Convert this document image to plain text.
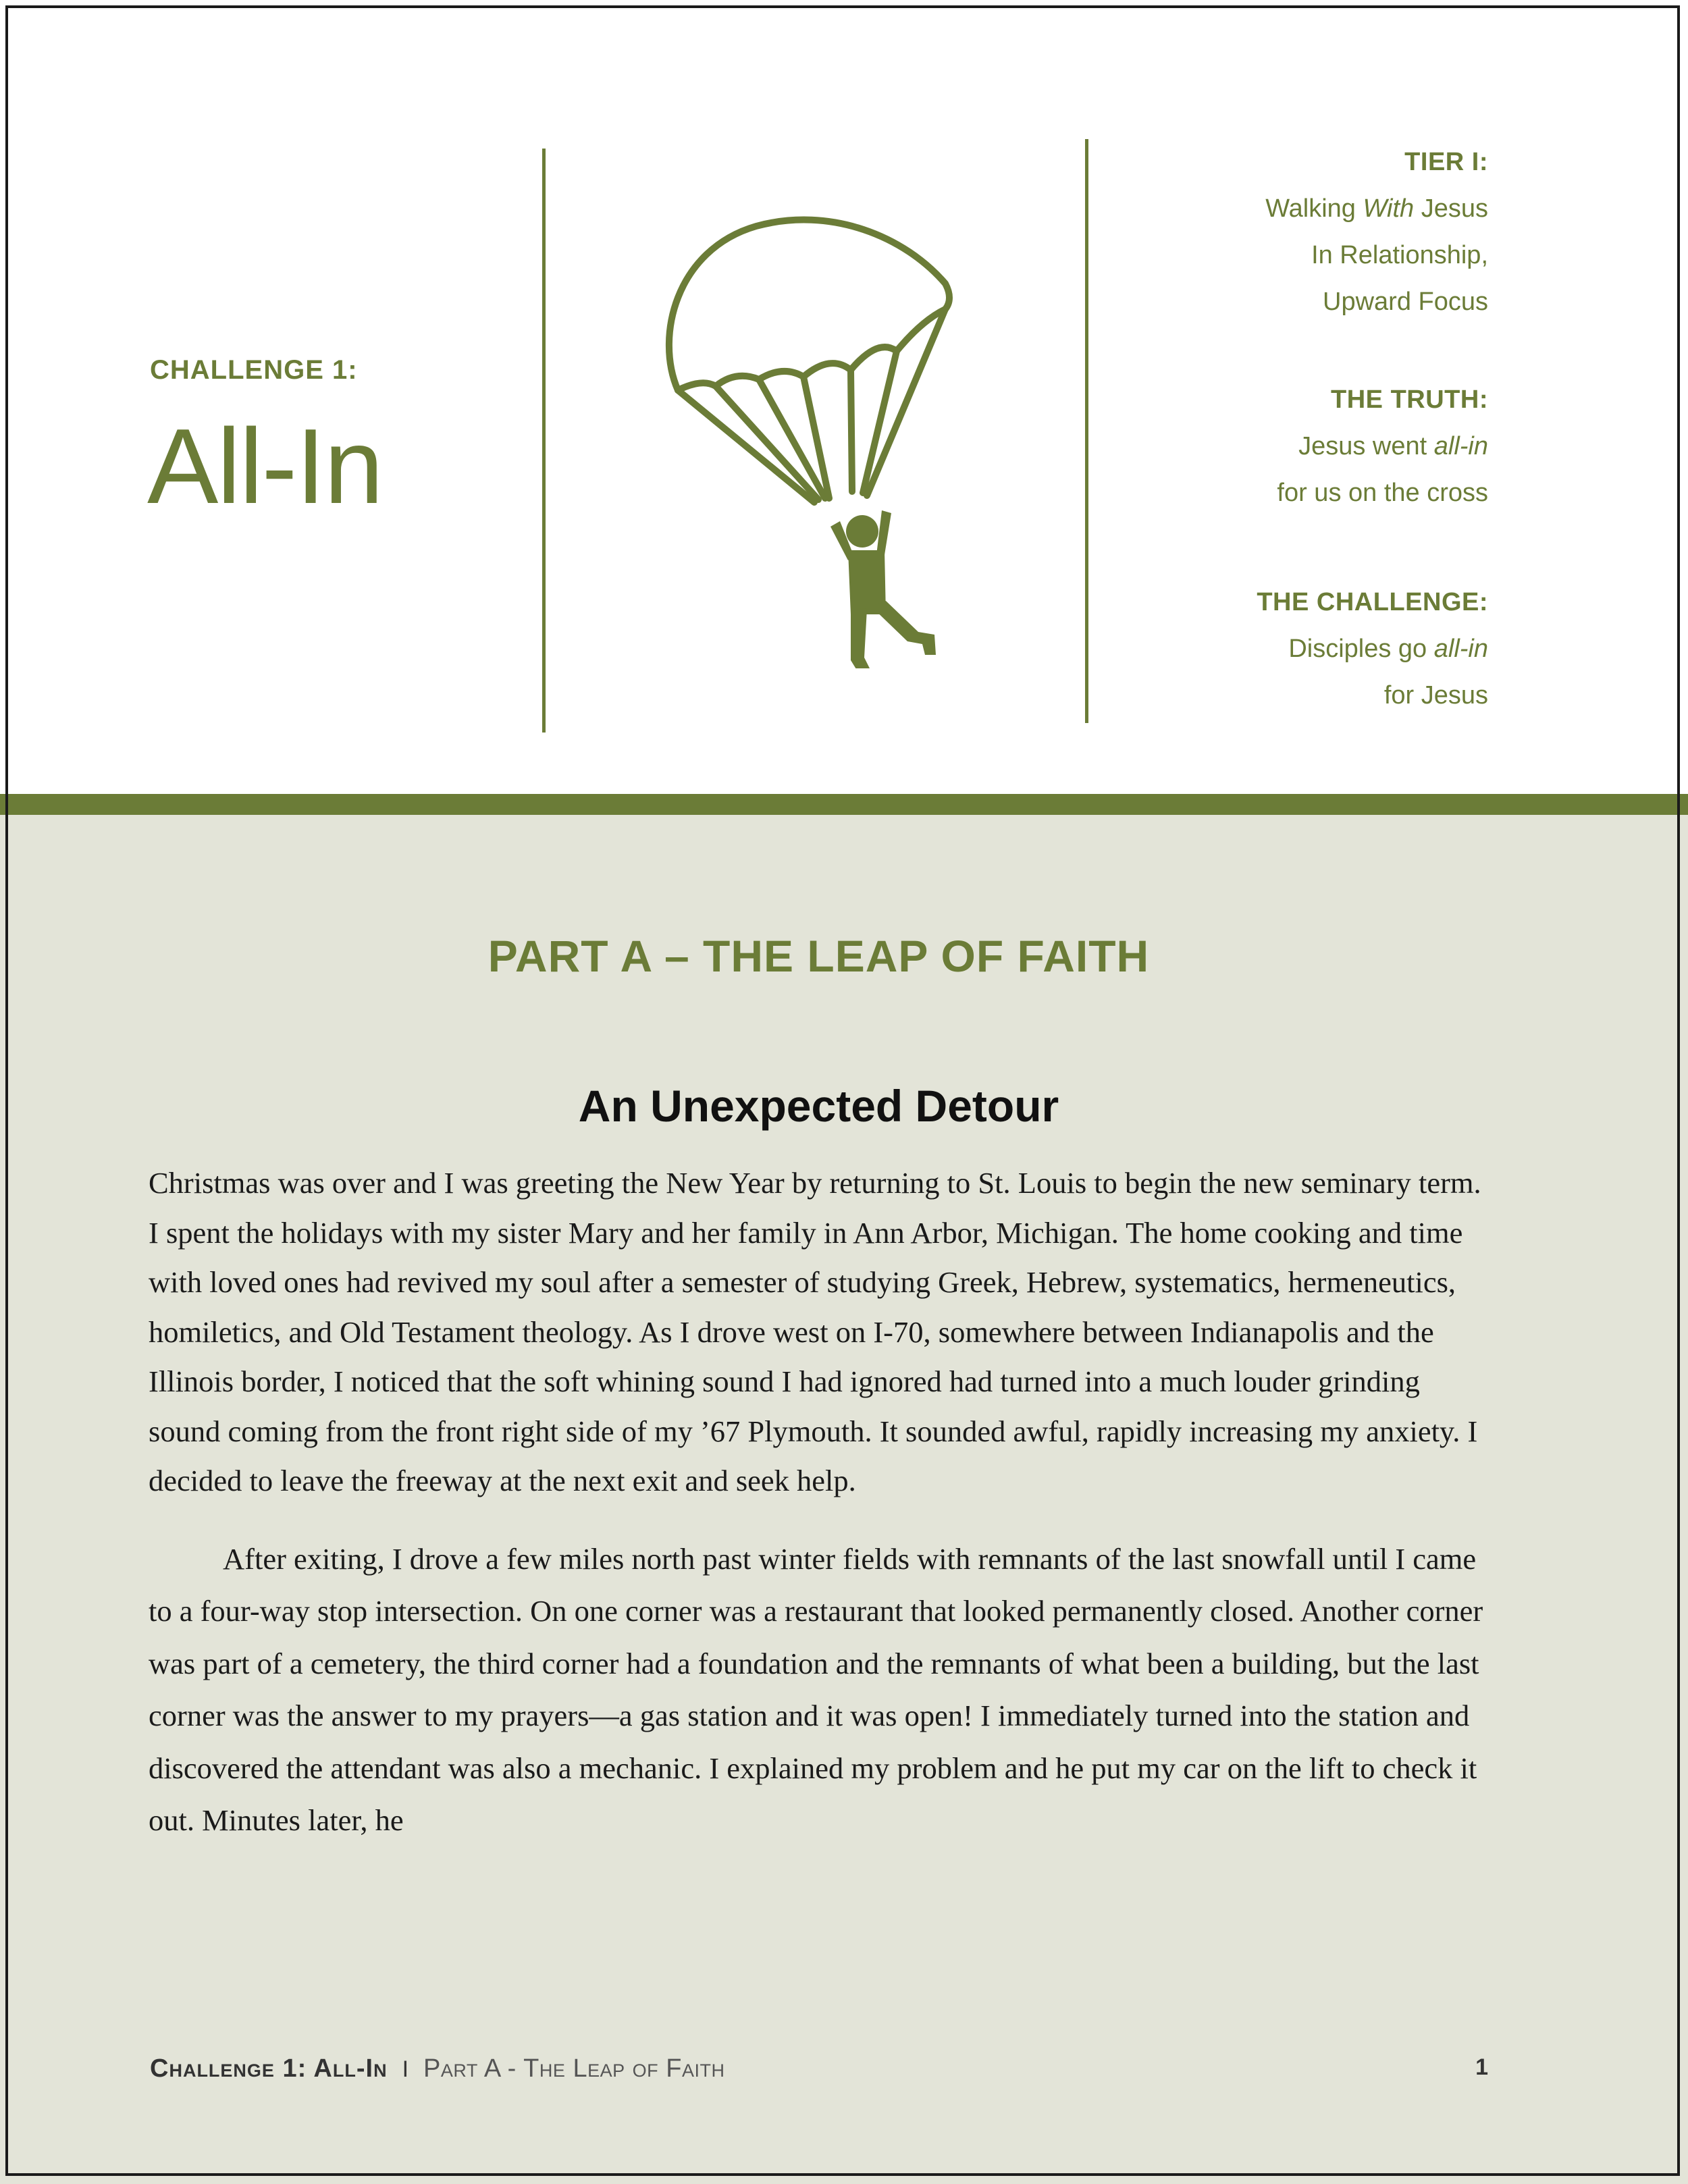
CHALLENGE 1:
All-In
TIER I:
Walking With Jesus
In Relationship,
Upward Focus
THE TRUTH:
Jesus went all-in
for us on the cross
THE CHALLENGE:
Disciples go all-in
for Jesus
PART A – THE LEAP OF FAITH
An Unexpected Detour

Christmas was over and I was greeting the New Year by returning to St. Louis to begin the new seminary term. I spent the holidays with my sister Mary and her family in Ann Arbor, Michigan. The home cooking and time with loved ones had revived my soul after a semester of studying Greek, Hebrew, systematics, hermeneutics, homiletics, and Old Testament theology. As I drove west on I-70, somewhere between Indianapolis and the Illinois border, I noticed that the soft whining sound I had ignored had turned into a much louder grinding sound coming from the front right side of my ’67 Plymouth. It sounded awful, rapidly increasing my anxiety. I decided to leave the freeway at the next exit and seek help.

After exiting, I drove a few miles north past winter fields with remnants of the last snowfall until I came to a four-way stop intersection. On one corner was a restaurant that looked permanently closed. Another corner was part of a cemetery, the third corner had a foundation and the remnants of what been a building, but the last corner was the answer to my prayers—a gas station and it was open! I immediately turned into the station and discovered the attendant was also a mechanic. I explained my problem and he put my car on the lift to check it out. Minutes later, he

Challenge 1: All-In I Part A - The Leap of Faith	1
